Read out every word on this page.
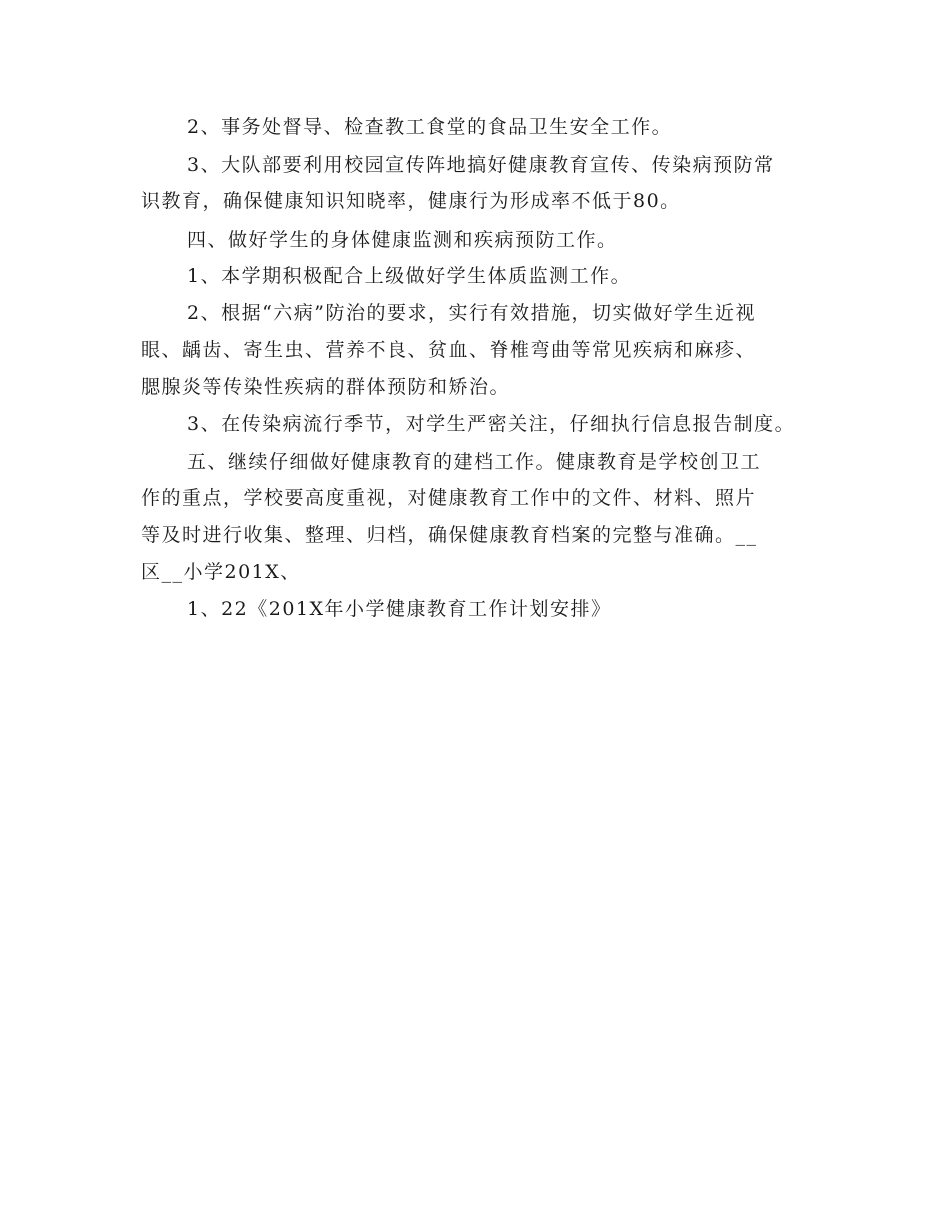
2、事务处督导、检查教工食堂的食品卫生安全工作。
3、大队部要利用校园宣传阵地搞好健康教育宣传、传染病预防常
识教育，确保健康知识知晓率，健康行为形成率不低于80。
四、做好学生的身体健康监测和疾病预防工作。
1、本学期积极配合上级做好学生体质监测工作。
2、根据“六病”防治的要求，实行有效措施，切实做好学生近视
眼、龋齿、寄生虫、营养不良、贫血、脊椎弯曲等常见疾病和麻疹、
腮腺炎等传染性疾病的群体预防和矫治。
3、在传染病流行季节，对学生严密关注，仔细执行信息报告制度。
五、继续仔细做好健康教育的建档工作。健康教育是学校创卫工
作的重点，学校要高度重视，对健康教育工作中的文件、材料、照片
等及时进行收集、整理、归档，确保健康教育档案的完整与准确。__
区__小学201X、
1、22《201X年小学健康教育工作计划安排》
